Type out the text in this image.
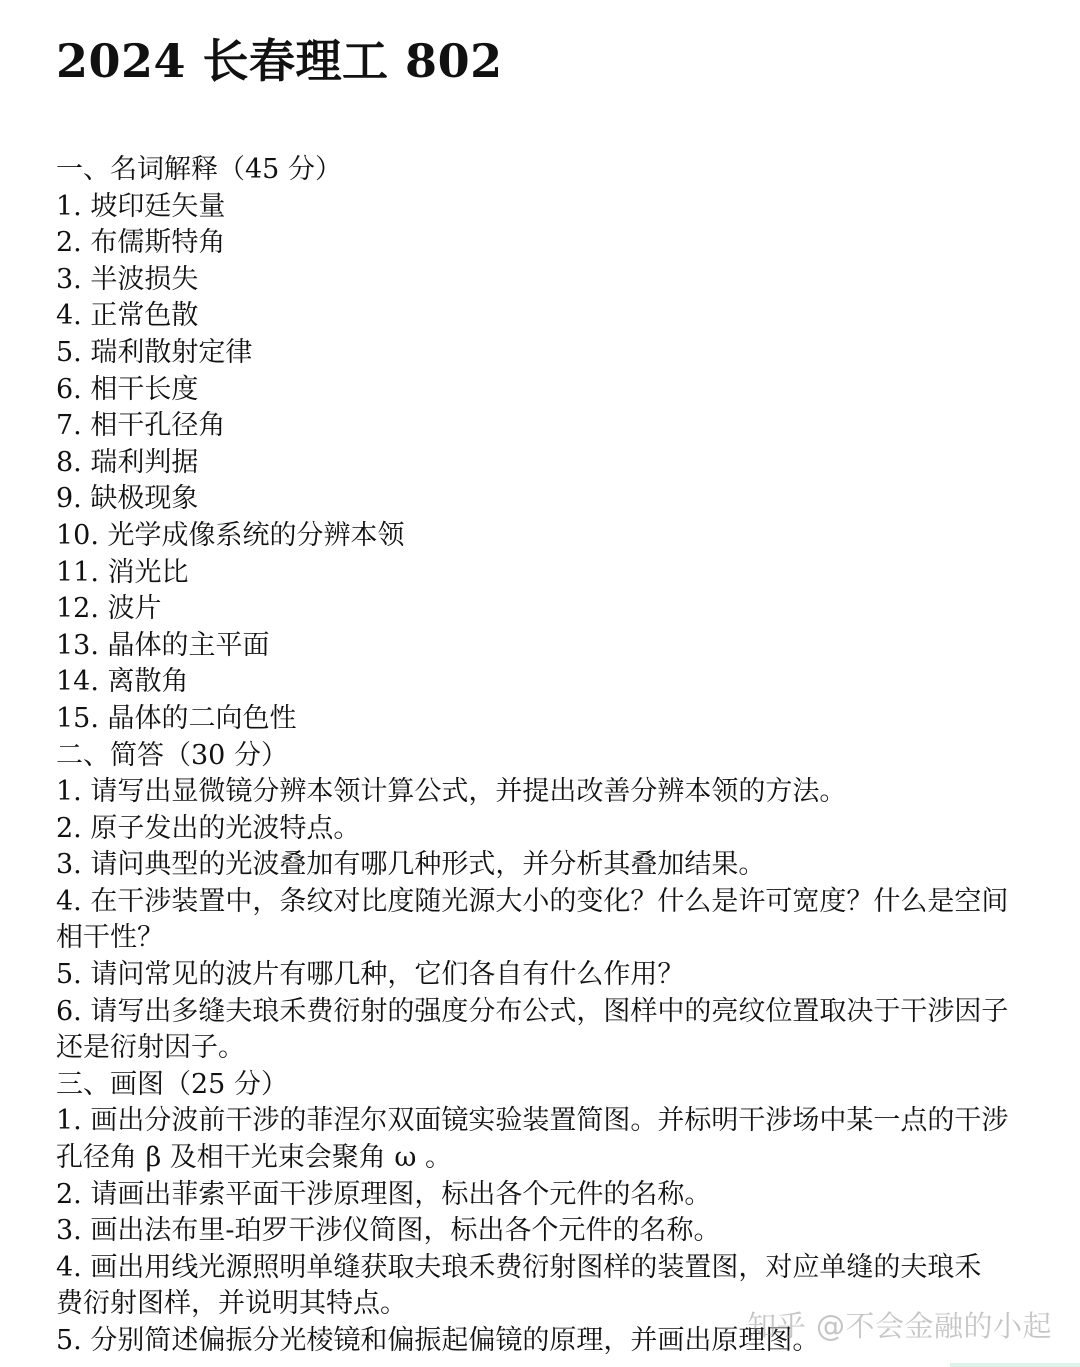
2024 长春理工 802
一、名词解释（45 分）
1. 坡印廷矢量
2. 布儒斯特角
3. 半波损失
4. 正常色散
5. 瑞利散射定律
6. 相干长度
7. 相干孔径角
8. 瑞利判据
9. 缺极现象
10. 光学成像系统的分辨本领
11. 消光比
12. 波片
13. 晶体的主平面
14. 离散角
15. 晶体的二向色性
二、简答（30 分）
1. 请写出显微镜分辨本领计算公式，并提出改善分辨本领的方法。
2. 原子发出的光波特点。
3. 请问典型的光波叠加有哪几种形式，并分析其叠加结果。
4. 在干涉装置中，条纹对比度随光源大小的变化？什么是许可宽度？什么是空间
相干性？
5. 请问常见的波片有哪几种，它们各自有什么作用？
6. 请写出多缝夫琅禾费衍射的强度分布公式，图样中的亮纹位置取决于干涉因子
还是衍射因子。
三、画图（25 分）
1. 画出分波前干涉的菲涅尔双面镜实验装置简图。并标明干涉场中某一点的干涉
孔径角 β 及相干光束会聚角 ω 。
2. 请画出菲索平面干涉原理图，标出各个元件的名称。
3. 画出法布里-珀罗干涉仪简图，标出各个元件的名称。
4. 画出用线光源照明单缝获取夫琅禾费衍射图样的装置图，对应单缝的夫琅禾
费衍射图样，并说明其特点。
5. 分别简述偏振分光棱镜和偏振起偏镜的原理，并画出原理图。
知乎 @不会金融的小起
